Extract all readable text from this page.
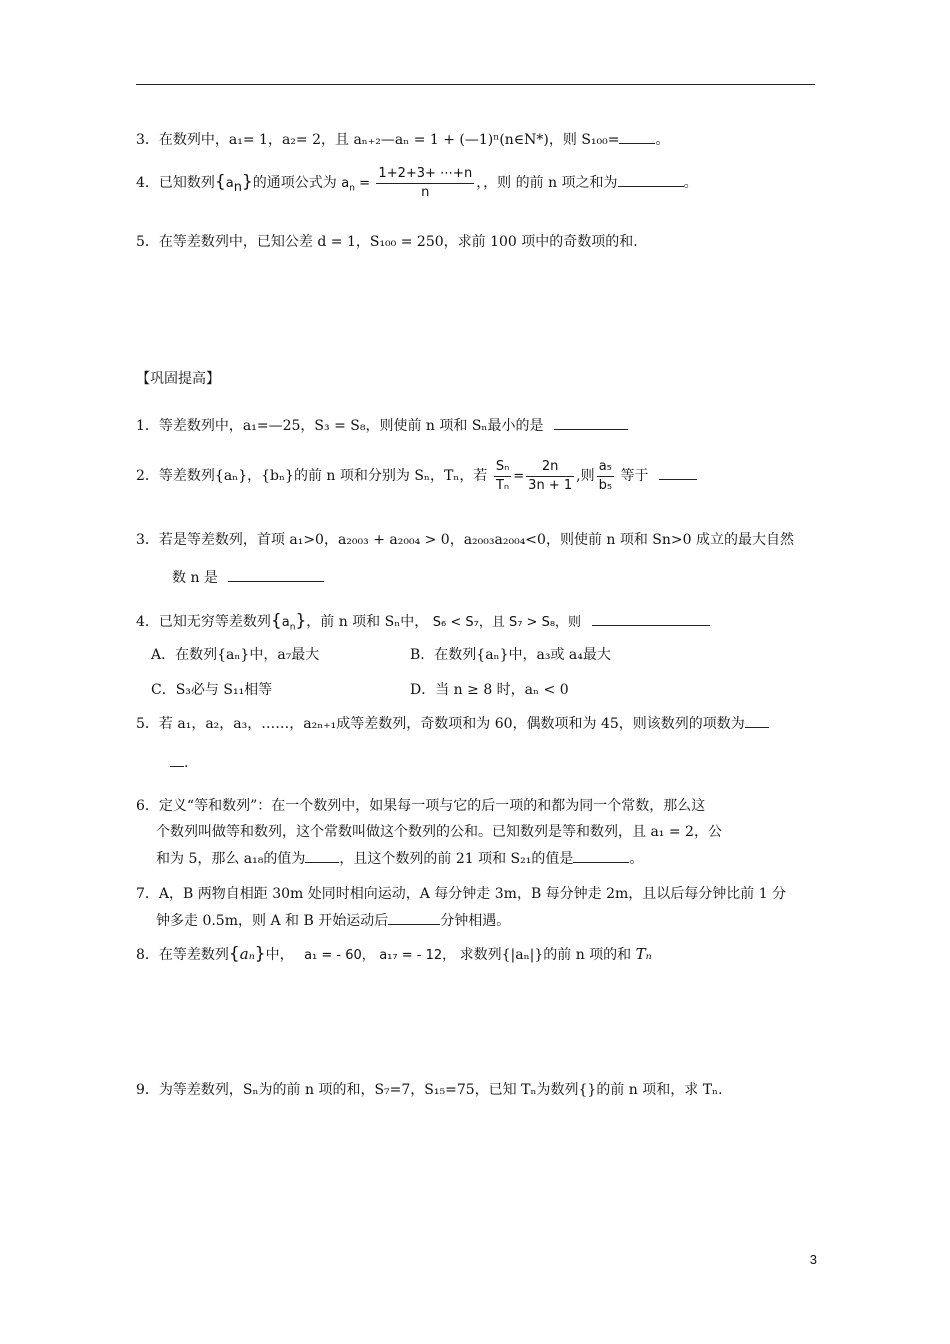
3．在数列中，a₁= 1，a₂= 2，且 aₙ₊₂—aₙ = 1 + (—1)ⁿ(n∈N*)，则 S₁₀₀=	。
4．已知数列$\{a_n\}$的通项公式为 $a_n = \frac{1+2+3+ \cdots+n}{n}$ ，，则 的前 n 项之和为	。
5．在等差数列中，已知公差 d = 1，S₁₀₀ = 250，求前 100 项中的奇数项的和.
【巩固提高】
1．等差数列中，a₁=—25，S₃ = S₈，则使前 n 项和 Sₙ最小的是
2．等差数列{aₙ}，{bₙ}的前 n 项和分别为 Sₙ，Tₙ，若 $\frac{\text{Sₙ}}{\text{Tₙ}} = \frac{2n}{3n + 1}$ ,则 $\frac{\text{a₅}}{\text{b₅}}$ 等于
3．若是等差数列，首项 a₁>0，a₂₀₀₃ + a₂₀₀₄ > 0，a₂₀₀₃a₂₀₀₄<0，则使前 n 项和 Sn>0 成立的最大自然
数 n 是
4．已知无穷等差数列$\{a_n\}$，前 n 项和 Sₙ中， S₆ < S₇，且 S₇ > S₈，则
A．在数列{aₙ}中，a₇最大	B．在数列{aₙ}中，a₃或 a₄最大
C．S₃必与 S₁₁相等	D．当 n ≥ 8 时，aₙ < 0
5．若 a₁，a₂，a₃，……，a₂ₙ₊₁成等差数列，奇数项和为 60，偶数项和为 45，则该数列的项数为
.
6．定义“等和数列”：在一个数列中，如果每一项与它的后一项的和都为同一个常数，那么这
个数列叫做等和数列，这个常数叫做这个数列的公和。已知数列是等和数列，且 a₁ = 2，公
和为 5，那么 a₁₈的值为 ，且这个数列的前 21 项和 S₂₁的值是	。
7．A，B 两物自相距 30m 处同时相向运动，A 每分钟走 3m，B 每分钟走 2m，且以后每分钟比前 1 分
钟多走 0.5m，则 A 和 B 开始运动后	分钟相遇。
8．在等差数列{aₙ}中， a₁ = - 60， a₁₇ = - 12， 求数列{|aₙ|}的前 n 项的和 Tₙ
9．为等差数列，Sₙ为的前 n 项的和，S₇=7，S₁₅=75，已知 Tₙ为数列{}的前 n 项和，求 Tₙ.
3
